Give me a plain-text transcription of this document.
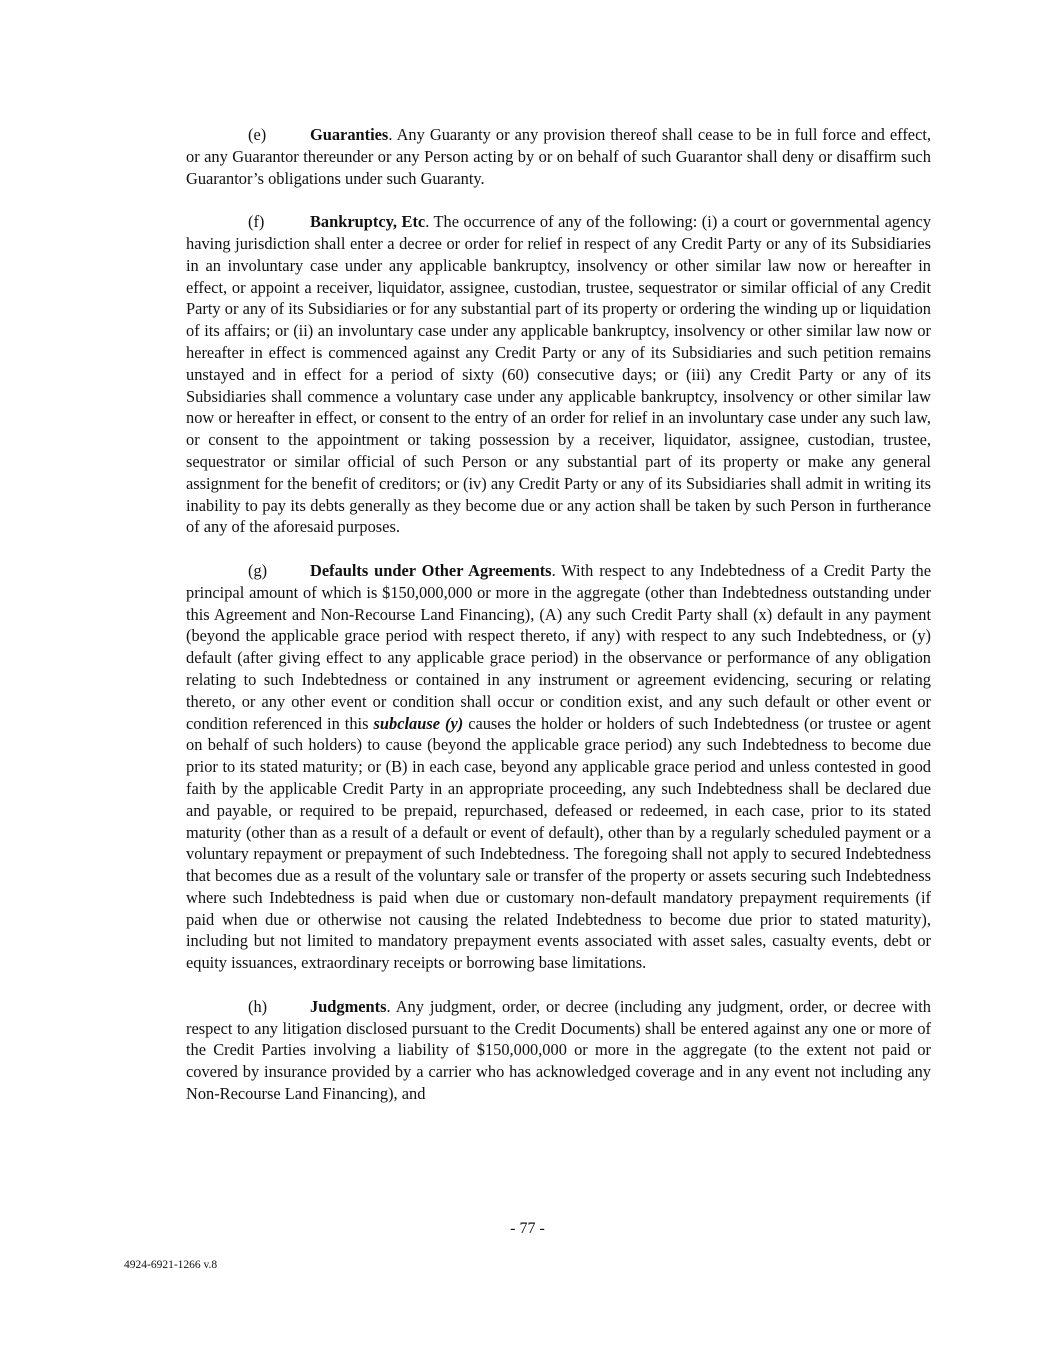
(e)	Guaranties. Any Guaranty or any provision thereof shall cease to be in full force and effect, or any Guarantor thereunder or any Person acting by or on behalf of such Guarantor shall deny or disaffirm such Guarantor’s obligations under such Guaranty.

(f)	Bankruptcy, Etc. The occurrence of any of the following: (i) a court or governmental agency having jurisdiction shall enter a decree or order for relief in respect of any Credit Party or any of its Subsidiaries in an involuntary case under any applicable bankruptcy, insolvency or other similar law now or hereafter in effect, or appoint a receiver, liquidator, assignee, custodian, trustee, sequestrator or similar official of any Credit Party or any of its Subsidiaries or for any substantial part of its property or ordering the winding up or liquidation of its affairs; or (ii) an involuntary case under any applicable bankruptcy, insolvency or other similar law now or hereafter in effect is commenced against any Credit Party or any of its Subsidiaries and such petition remains unstayed and in effect for a period of sixty (60) consecutive days; or (iii) any Credit Party or any of its Subsidiaries shall commence a voluntary case under any applicable bankruptcy, insolvency or other similar law now or hereafter in effect, or consent to the entry of an order for relief in an involuntary case under any such law, or consent to the appointment or taking possession by a receiver, liquidator, assignee, custodian, trustee, sequestrator or similar official of such Person or any substantial part of its property or make any general assignment for the benefit of creditors; or (iv) any Credit Party or any of its Subsidiaries shall admit in writing its inability to pay its debts generally as they become due or any action shall be taken by such Person in furtherance of any of the aforesaid purposes.

(g)	Defaults under Other Agreements. With respect to any Indebtedness of a Credit Party the principal amount of which is $150,000,000 or more in the aggregate (other than Indebtedness outstanding under this Agreement and Non-Recourse Land Financing), (A) any such Credit Party shall (x) default in any payment (beyond the applicable grace period with respect thereto, if any) with respect to any such Indebtedness, or (y) default (after giving effect to any applicable grace period) in the observance or performance of any obligation relating to such Indebtedness or contained in any instrument or agreement evidencing, securing or relating thereto, or any other event or condition shall occur or condition exist, and any such default or other event or condition referenced in this subclause (y) causes the holder or holders of such Indebtedness (or trustee or agent on behalf of such holders) to cause (beyond the applicable grace period) any such Indebtedness to become due prior to its stated maturity; or (B) in each case, beyond any applicable grace period and unless contested in good faith by the applicable Credit Party in an appropriate proceeding, any such Indebtedness shall be declared due and payable, or required to be prepaid, repurchased, defeased or redeemed, in each case, prior to its stated maturity (other than as a result of a default or event of default), other than by a regularly scheduled payment or a voluntary repayment or prepayment of such Indebtedness. The foregoing shall not apply to secured Indebtedness that becomes due as a result of the voluntary sale or transfer of the property or assets securing such Indebtedness where such Indebtedness is paid when due or customary non-default mandatory prepayment requirements (if paid when due or otherwise not causing the related Indebtedness to become due prior to stated maturity), including but not limited to mandatory prepayment events associated with asset sales, casualty events, debt or equity issuances, extraordinary receipts or borrowing base limitations.

(h)	Judgments. Any judgment, order, or decree (including any judgment, order, or decree with respect to any litigation disclosed pursuant to the Credit Documents) shall be entered against any one or more of the Credit Parties involving a liability of $150,000,000 or more in the aggregate (to the extent not paid or covered by insurance provided by a carrier who has acknowledged coverage and in any event not including any Non-Recourse Land Financing), and

- 77 -
4924-6921-1266 v.8
